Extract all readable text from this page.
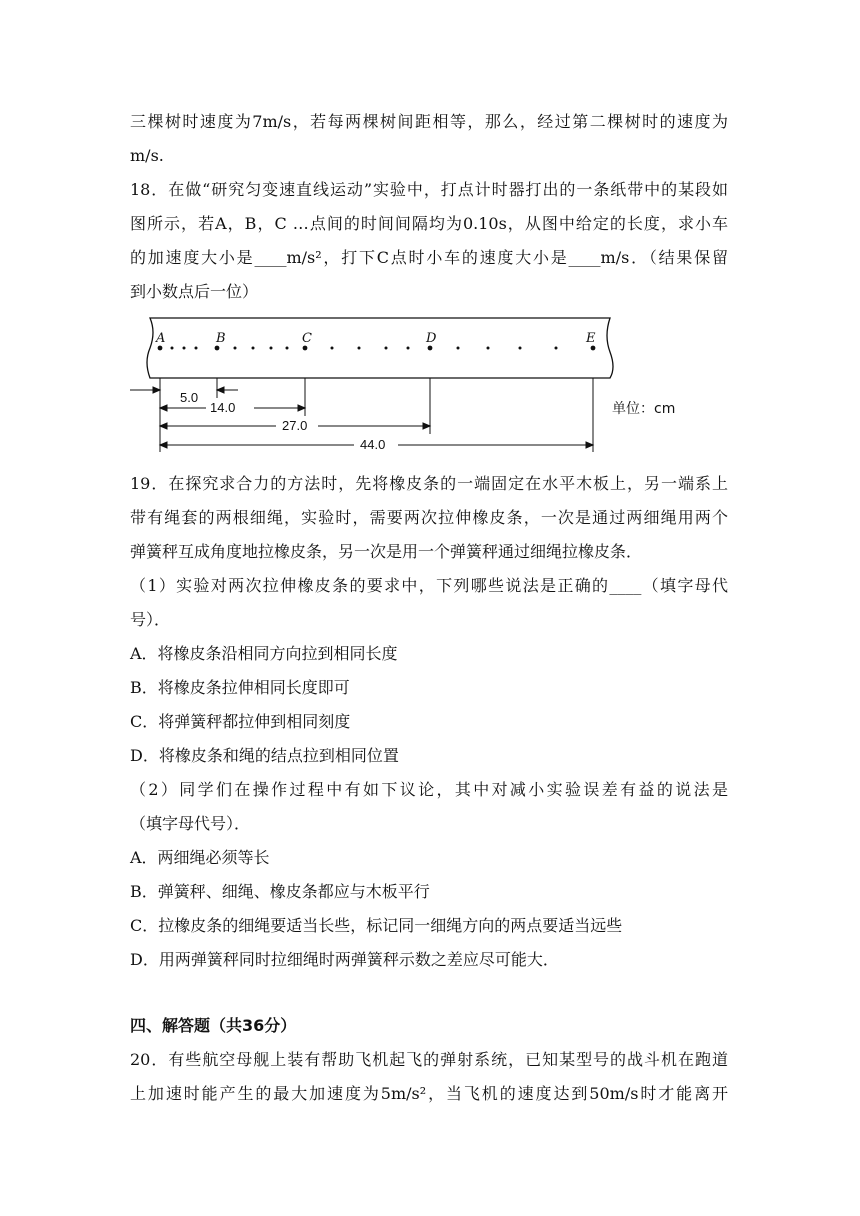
三棵树时速度为7m/s，若每两棵树间距相等，那么，经过第二棵树时的速度为
m/s.
18．在做“研究匀变速直线运动”实验中，打点计时器打出的一条纸带中的某段如
图所示，若A，B，C …点间的时间间隔均为0.10s，从图中给定的长度，求小车
的加速度大小是____m/s²，打下C点时小车的速度大小是____m/s．（结果保留
到小数点后一位）
A	B	C	D	E
5.0
14.0
27.0
44.0
单位：cm
19．在探究求合力的方法时，先将橡皮条的一端固定在水平木板上，另一端系上
带有绳套的两根细绳，实验时，需要两次拉伸橡皮条，一次是通过两细绳用两个
弹簧秤互成角度地拉橡皮条，另一次是用一个弹簧秤通过细绳拉橡皮条．
（1）实验对两次拉伸橡皮条的要求中，下列哪些说法是正确的____（填字母代
号）．
A．将橡皮条沿相同方向拉到相同长度
B．将橡皮条拉伸相同长度即可
C．将弹簧秤都拉伸到相同刻度
D．将橡皮条和绳的结点拉到相同位置
（2）同学们在操作过程中有如下议论，其中对减小实验误差有益的说法是
（填字母代号）．
A．两细绳必须等长
B．弹簧秤、细绳、橡皮条都应与木板平行
C．拉橡皮条的细绳要适当长些，标记同一细绳方向的两点要适当远些
D．用两弹簧秤同时拉细绳时两弹簧秤示数之差应尽可能大．
四、解答题（共36分）
20．有些航空母舰上装有帮助飞机起飞的弹射系统，已知某型号的战斗机在跑道
上加速时能产生的最大加速度为5m/s²，当飞机的速度达到50m/s时才能离开
